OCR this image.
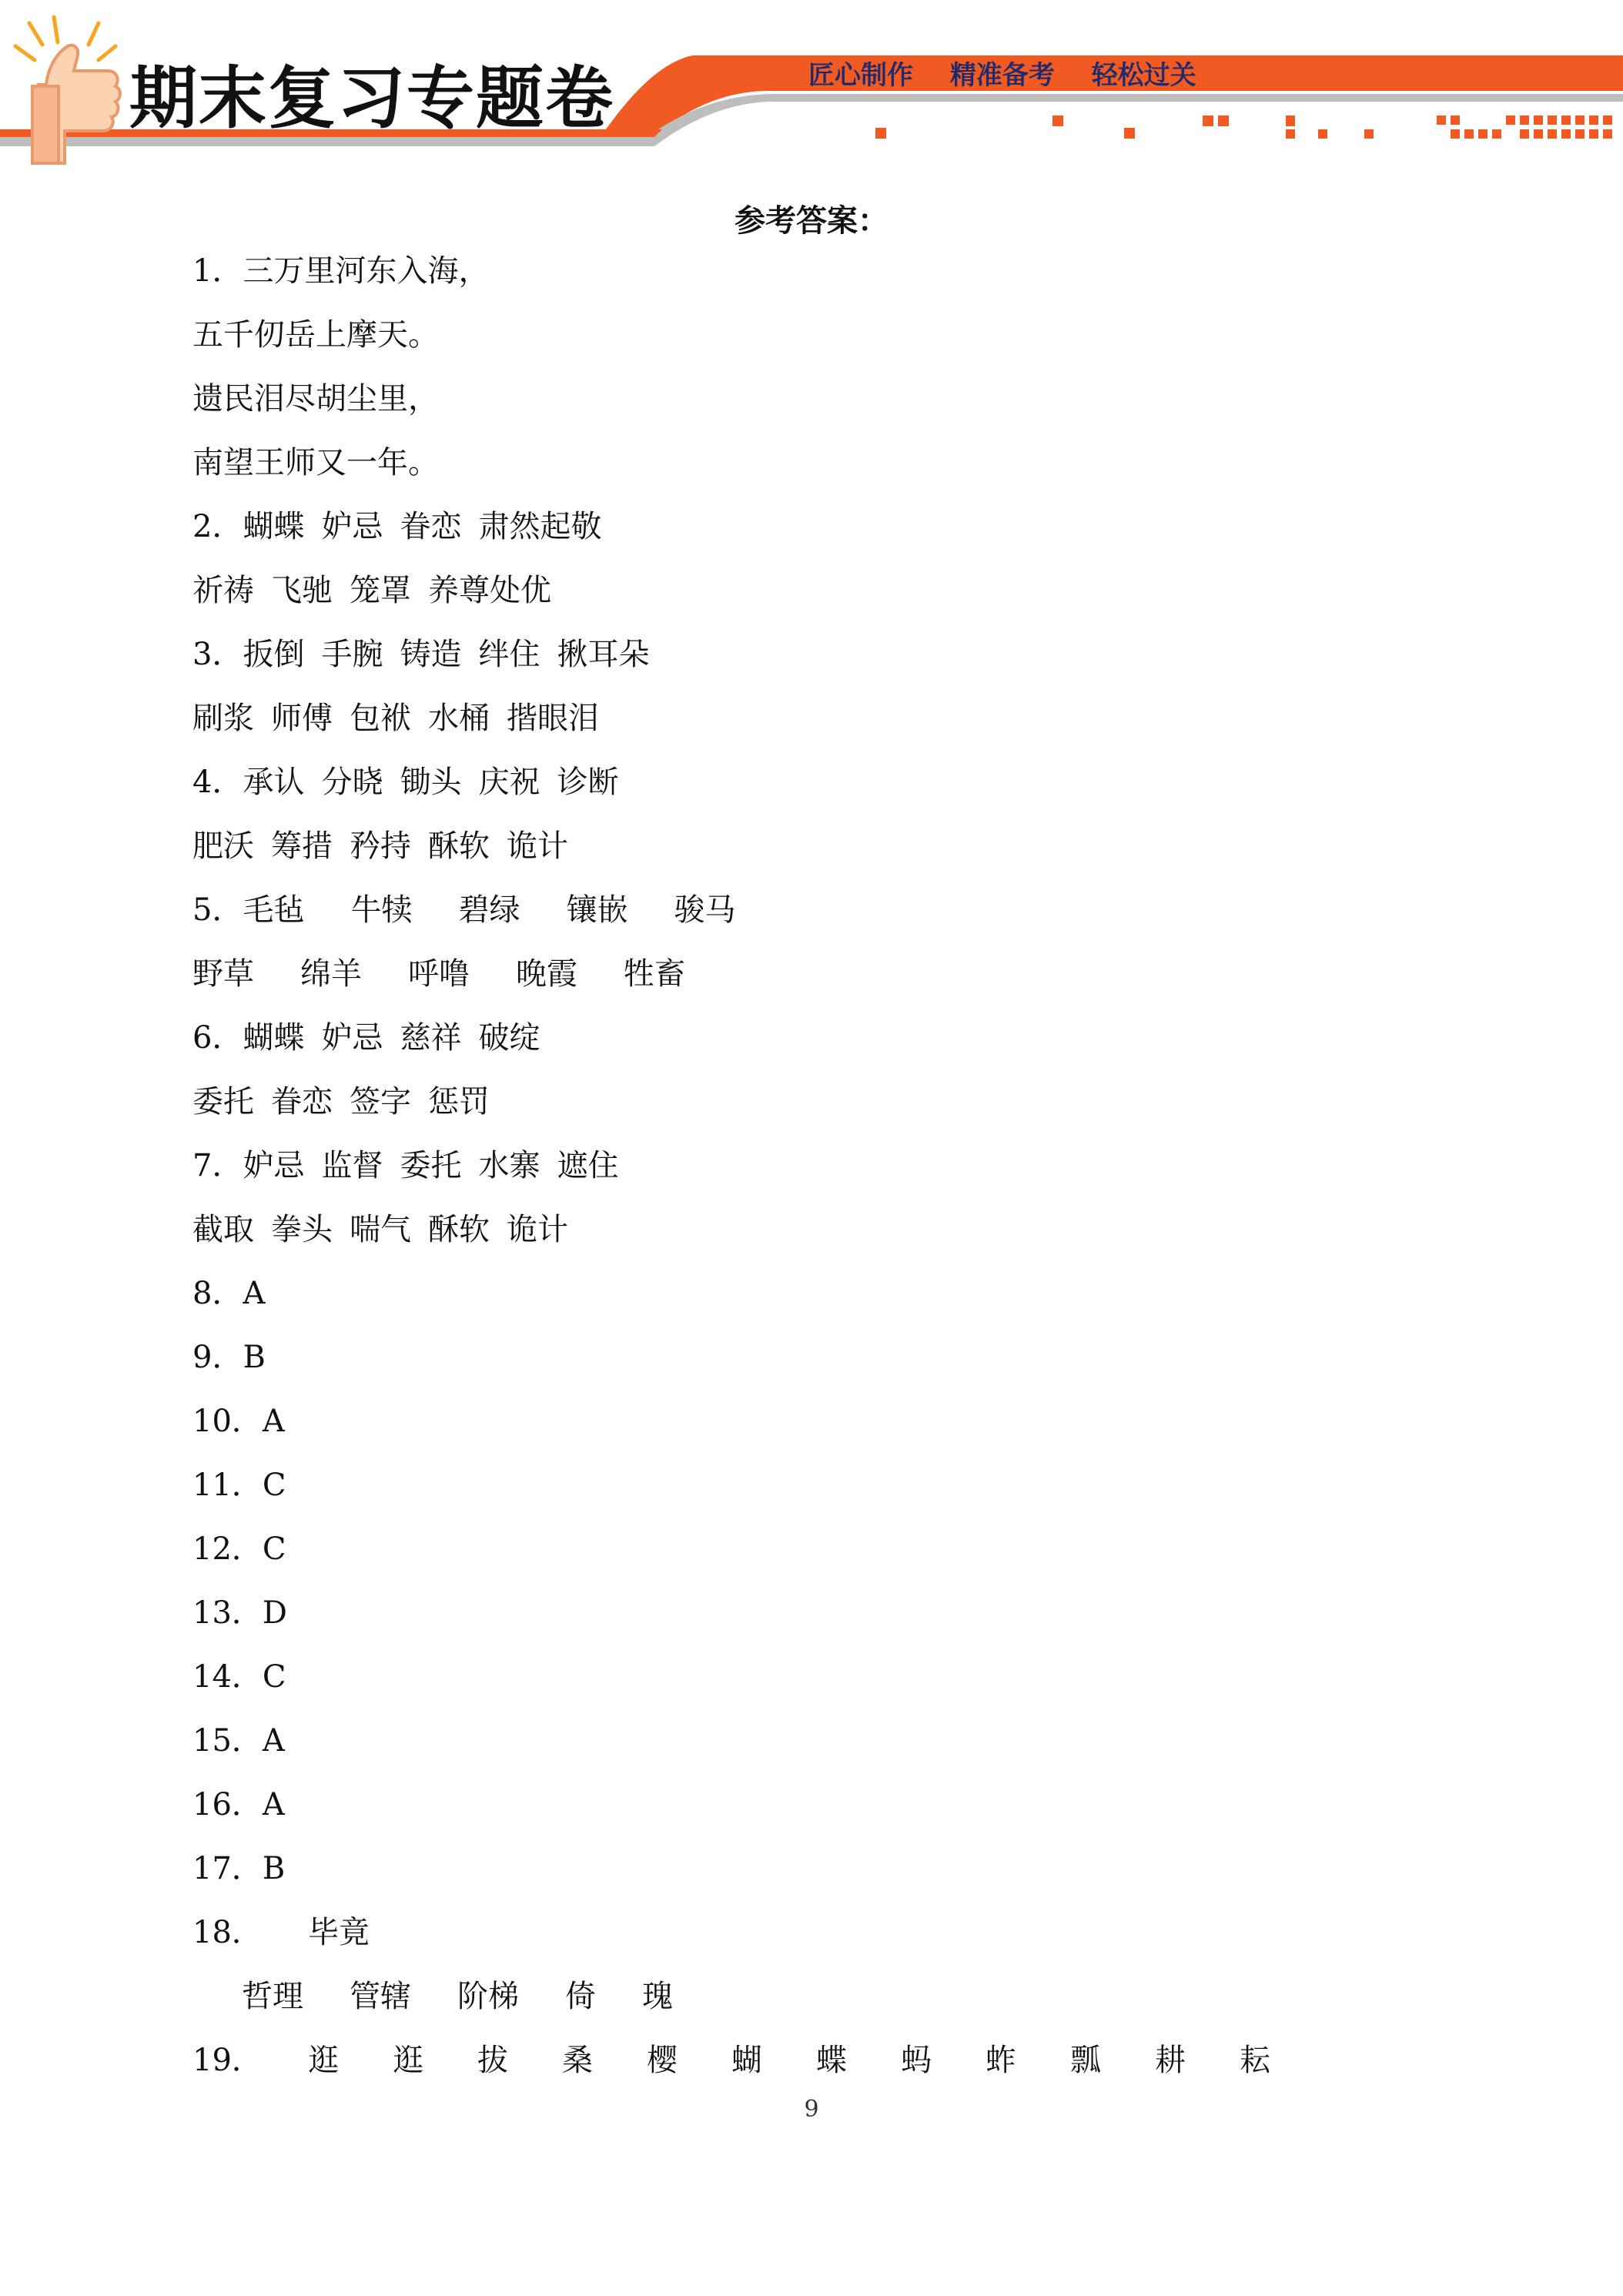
期末复习专题卷	匠心制作 精准备考 轻松过关
参考答案：
1．三万里河东入海，
五千仞岳上摩天。
遗民泪尽胡尘里，
南望王师又一年。
2．蝴蝶 妒忌 眷恋 肃然起敬
祈祷 飞驰 笼罩 养尊处优
3．扳倒 手腕 铸造 绊住 揪耳朵
刷浆 师傅 包袱 水桶 揩眼泪
4．承认 分晓 锄头 庆祝 诊断
肥沃 筹措 矜持 酥软 诡计
5．毛毡 牛犊 碧绿 镶嵌 骏马
野草 绵羊 呼噜 晚霞 牲畜
6．蝴蝶 妒忌 慈祥 破绽
委托 眷恋 签字 惩罚
7．妒忌 监督 委托 水寨 遮住
截取 拳头 喘气 酥软 诡计
8．A
9．B
10．A
11．C
12．C
13．D
14．C
15．A
16．A
17．B
18． 毕竟
哲理 管辖 阶梯 倚 瑰
19． 逛 逛 拔 桑 樱 蝴 蝶 蚂 蚱 瓢 耕 耘
9
